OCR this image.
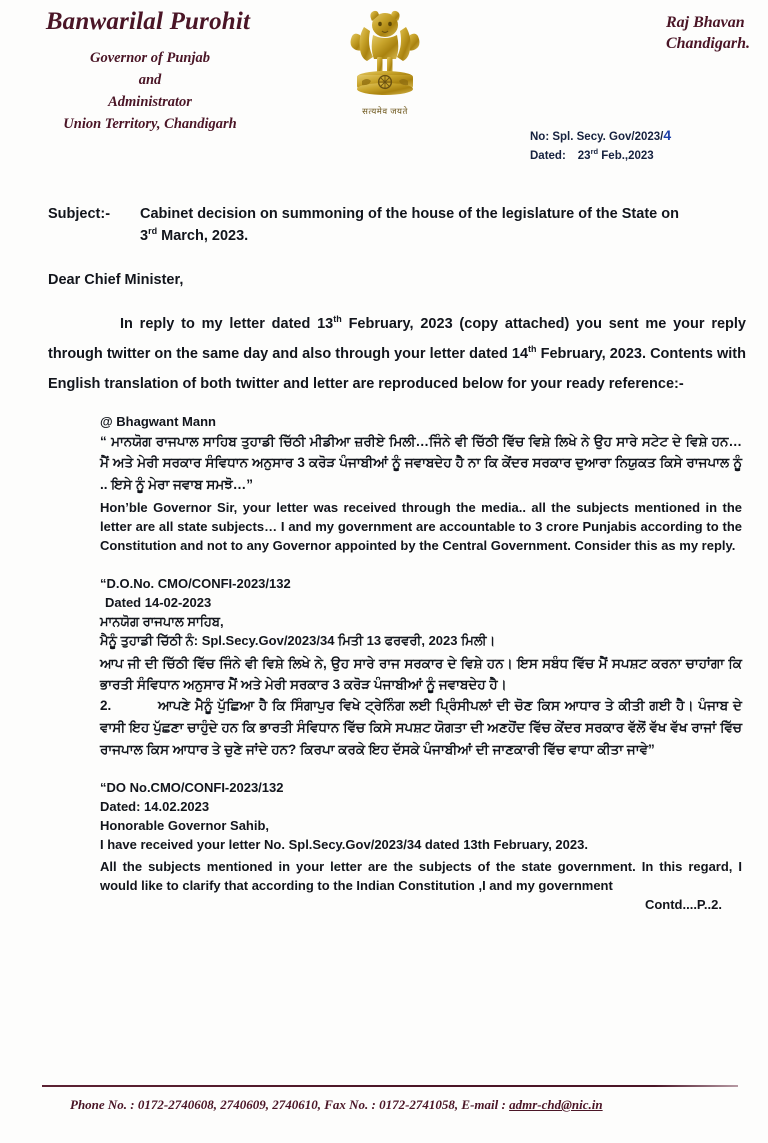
Banwarilal Purohit
Governor of Punjab
and
Administrator
Union Territory, Chandigarh
सत्यमेव जयते
Raj Bhavan
Chandigarh.
No: Spl. Secy. Gov/2023/4
Dated: 23rd Feb.,2023
Subject:-	Cabinet decision on summoning of the house of the legislature of the State on
3rd March, 2023.
Dear Chief Minister,
In reply to my letter dated 13th February, 2023 (copy attached) you sent me your reply through twitter on the same day and also through your letter dated 14th February, 2023. Contents with English translation of both twitter and letter are reproduced below for your ready reference:-
@ Bhagwant Mann
“ ਮਾਨਯੋਗ ਰਾਜਪਾਲ ਸਾਹਿਬ ਤੁਹਾਡੀ ਚਿੱਠੀ ਮੀਡੀਆ ਜ਼ਰੀਏ ਮਿਲੀ…ਜਿੰਨੇ ਵੀ ਚਿੱਠੀ ਵਿੱਚ ਵਿਸ਼ੇ ਲਿਖੇ ਨੇ ਉਹ ਸਾਰੇ ਸਟੇਟ ਦੇ ਵਿਸ਼ੇ ਹਨ… ਮੈਂ ਅਤੇ ਮੇਰੀ ਸਰਕਾਰ ਸੰਵਿਧਾਨ ਅਨੁਸਾਰ 3 ਕਰੋੜ ਪੰਜਾਬੀਆਂ ਨੂੰ ਜਵਾਬਦੇਹ ਹੈ ਨਾ ਕਿ ਕੇਂਦਰ ਸਰਕਾਰ ਦੁਆਰਾ ਨਿਯੁਕਤ ਕਿਸੇ ਰਾਜਪਾਲ ਨੂੰ .. ਇਸੇ ਨੂੰ ਮੇਰਾ ਜਵਾਬ ਸਮਝੋ…”
Hon’ble Governor Sir, your letter was received through the media.. all the subjects mentioned in the letter are all state subjects… I and my government are accountable to 3 crore Punjabis according to the Constitution and not to any Governor appointed by the Central Government. Consider this as my reply.
“D.O.No. CMO/CONFI-2023/132
Dated 14-02-2023
ਮਾਨਯੋਗ ਰਾਜਪਾਲ ਸਾਹਿਬ,
ਮੈਨੂੰ ਤੁਹਾਡੀ ਚਿੱਠੀ ਨੰ: Spl.Secy.Gov/2023/34 ਮਿਤੀ 13 ਫਰਵਰੀ, 2023 ਮਿਲੀ।
ਆਪ ਜੀ ਦੀ ਚਿੱਠੀ ਵਿੱਚ ਜਿੰਨੇ ਵੀ ਵਿਸ਼ੇ ਲਿਖੇ ਨੇ, ਉਹ ਸਾਰੇ ਰਾਜ ਸਰਕਾਰ ਦੇ ਵਿਸ਼ੇ ਹਨ। ਇਸ ਸਬੰਧ ਵਿੱਚ ਮੈਂ ਸਪਸ਼ਟ ਕਰਨਾ ਚਾਹਾਂਗਾ ਕਿ ਭਾਰਤੀ ਸੰਵਿਧਾਨ ਅਨੁਸਾਰ ਮੈਂ ਅਤੇ ਮੇਰੀ ਸਰਕਾਰ 3 ਕਰੋੜ ਪੰਜਾਬੀਆਂ ਨੂੰ ਜਵਾਬਦੇਹ ਹੈ।
2.	ਆਪਣੇ ਮੈਨੂੰ ਪੁੱਛਿਆ ਹੈ ਕਿ ਸਿੰਗਾਪੁਰ ਵਿਖੇ ਟ੍ਰੇਨਿੰਗ ਲਈ ਪ੍ਰਿੰਸੀਪਲਾਂ ਦੀ ਚੋਣ ਕਿਸ ਆਧਾਰ ਤੇ ਕੀਤੀ ਗਈ ਹੈ। ਪੰਜਾਬ ਦੇ ਵਾਸੀ ਇਹ ਪੁੱਛਣਾ ਚਾਹੁੰਦੇ ਹਨ ਕਿ ਭਾਰਤੀ ਸੰਵਿਧਾਨ ਵਿੱਚ ਕਿਸੇ ਸਪਸ਼ਟ ਯੋਗਤਾ ਦੀ ਅਣਹੋਂਦ ਵਿੱਚ ਕੇਂਦਰ ਸਰਕਾਰ ਵੱਲੋਂ ਵੱਖ ਵੱਖ ਰਾਜਾਂ ਵਿੱਚ ਰਾਜਪਾਲ ਕਿਸ ਆਧਾਰ ਤੇ ਚੁਣੇ ਜਾਂਦੇ ਹਨ? ਕਿਰਪਾ ਕਰਕੇ ਇਹ ਦੱਸਕੇ ਪੰਜਾਬੀਆਂ ਦੀ ਜਾਣਕਾਰੀ ਵਿੱਚ ਵਾਧਾ ਕੀਤਾ ਜਾਵੇ”
“DO No.CMO/CONFI-2023/132
Dated: 14.02.2023
Honorable Governor Sahib,
I have received your letter No. Spl.Secy.Gov/2023/34 dated 13th February, 2023.
All the subjects mentioned in your letter are the subjects of the state government. In this regard, I would like to clarify that according to the Indian Constitution ,I and my government
Contd....P..2.
Phone No. : 0172-2740608, 2740609, 2740610, Fax No. : 0172-2741058, E-mail : admr-chd@nic.in
